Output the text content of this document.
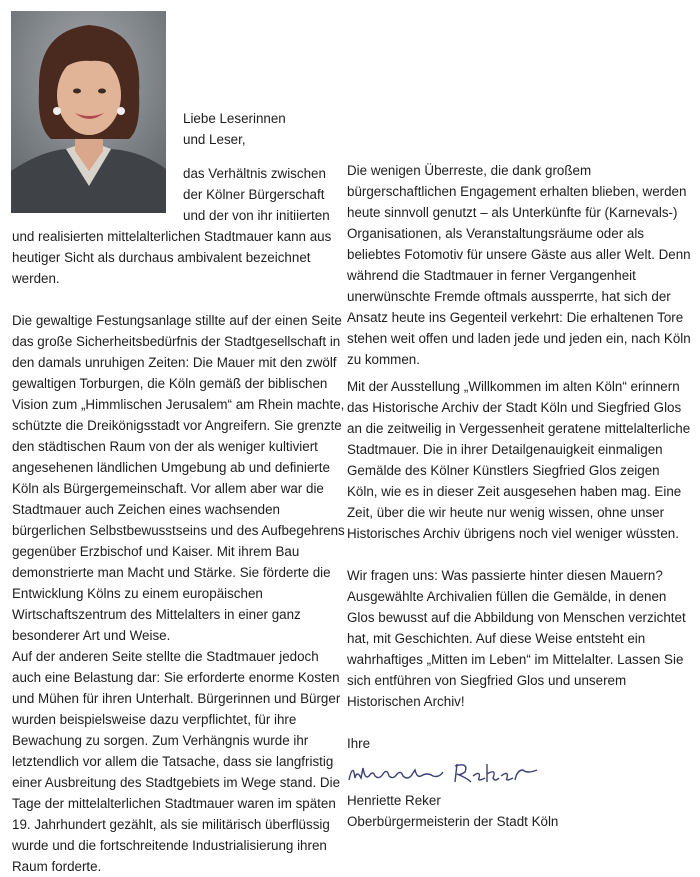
Liebe Leserinnen und Leser,

das Verhältnis zwischen

der Kölner Bürgerschaft

und der von ihr initiierten

und realisierten mittelalterlichen Stadtmauer kann aus heutiger Sicht als durchaus ambivalent bezeichnet werden.

Die gewaltige Festungsanlage stillte auf der einen Seite das große Sicherheitsbedürfnis der Stadtgesellschaft in den damals unruhigen Zeiten: Die Mauer mit den zwölf gewaltigen Torburgen, die Köln gemäß der biblischen Vision zum „Himmlischen Jerusalem“ am Rhein machte, schützte die Dreikönigsstadt vor Angreifern. Sie grenzte den städtischen Raum von der als weniger kultiviert angesehenen ländlichen Umgebung ab und definierte Köln als Bürgergemeinschaft. Vor allem aber war die Stadtmauer auch Zeichen eines wachsenden bürgerlichen Selbstbewusstseins und des Aufbegehrens gegenüber Erzbischof und Kaiser. Mit ihrem Bau demonstrierte man Macht und Stärke. Sie förderte die Entwicklung Kölns zu einem europäischen Wirtschaftszentrum des Mittelalters in einer ganz besonderer Art und Weise.

Auf der anderen Seite stellte die Stadtmauer jedoch auch eine Belastung dar: Sie erforderte enorme Kosten und Mühen für ihren Unterhalt. Bürgerinnen und Bürger wurden beispielsweise dazu verpflichtet, für ihre Bewachung zu sorgen. Zum Verhängnis wurde ihr letztendlich vor allem die Tatsache, dass sie langfristig einer Ausbreitung des Stadtgebiets im Wege stand. Die Tage der mittelalterlichen Stadtmauer waren im späten 19. Jahrhundert gezählt, als sie militärisch überflüssig wurde und die fortschreitende Industrialisierung ihren Raum forderte.

Die wenigen Überreste, die dank großem bürgerschaftlichen Engagement erhalten blieben, werden heute sinnvoll genutzt – als Unterkünfte für (Karnevals-) Organisationen, als Veranstaltungsräume oder als beliebtes Fotomotiv für unsere Gäste aus aller Welt. Denn während die Stadtmauer in ferner Vergangenheit unerwünschte Fremde oftmals aussperrte, hat sich der Ansatz heute ins Gegenteil verkehrt: Die erhaltenen Tore stehen weit offen und laden jede und jeden ein, nach Köln zu kommen.

Mit der Ausstellung „Willkommen im alten Köln“ erinnern das Historische Archiv der Stadt Köln und Siegfried Glos an die zeitweilig in Vergessenheit geratene mittelalterliche Stadtmauer. Die in ihrer Detailgenauigkeit einmaligen Gemälde des Kölner Künstlers Siegfried Glos zeigen Köln, wie es in dieser Zeit ausgesehen haben mag. Eine Zeit, über die wir heute nur wenig wissen, ohne unser Historisches Archiv übrigens noch viel weniger wüssten.

Wir fragen uns: Was passierte hinter diesen Mauern? Ausgewählte Archivalien füllen die Gemälde, in denen Glos bewusst auf die Abbildung von Menschen verzichtet hat, mit Geschichten. Auf diese Weise entsteht ein wahrhaftiges „Mitten im Leben“ im Mittelalter. Lassen Sie sich entführen von Siegfried Glos und unserem Historischen Archiv!

Ihre

Henriette Reker

Oberbürgermeisterin der Stadt Köln
